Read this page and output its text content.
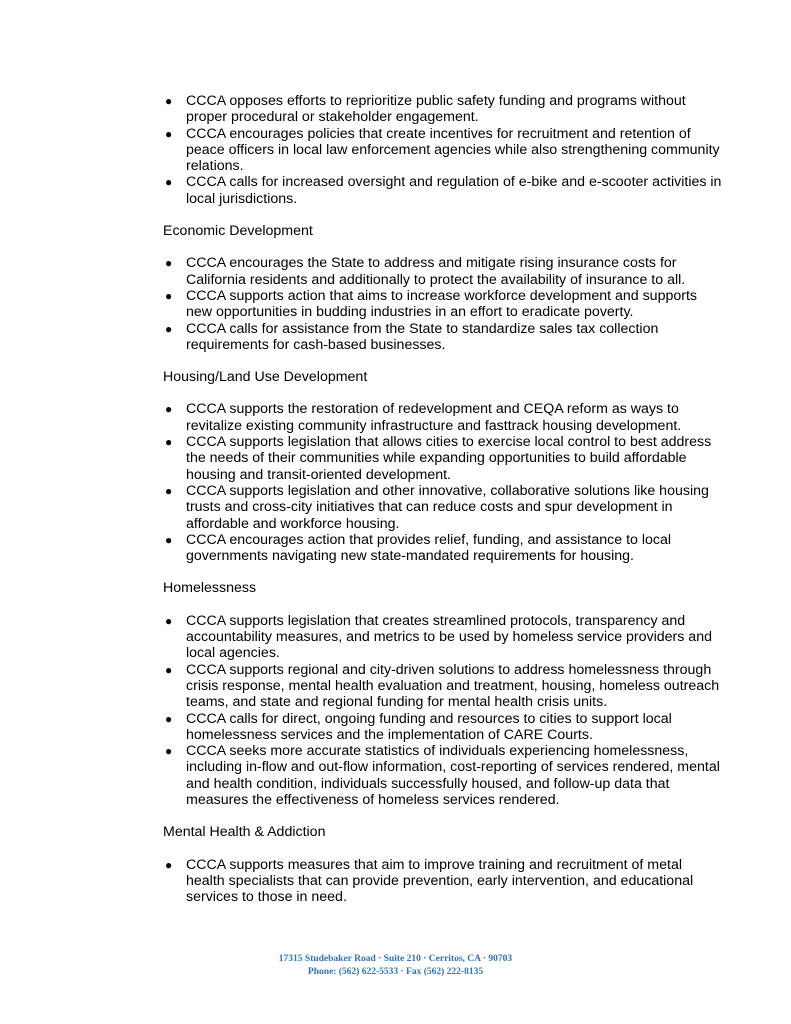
● CCCA opposes efforts to reprioritize public safety funding and programs without proper procedural or stakeholder engagement.
● CCCA encourages policies that create incentives for recruitment and retention of peace officers in local law enforcement agencies while also strengthening community relations.
● CCCA calls for increased oversight and regulation of e-bike and e-scooter activities in local jurisdictions.
Economic Development
● CCCA encourages the State to address and mitigate rising insurance costs for California residents and additionally to protect the availability of insurance to all.
● CCCA supports action that aims to increase workforce development and supports new opportunities in budding industries in an effort to eradicate poverty.
● CCCA calls for assistance from the State to standardize sales tax collection requirements for cash-based businesses.
Housing/Land Use Development
● CCCA supports the restoration of redevelopment and CEQA reform as ways to revitalize existing community infrastructure and fasttrack housing development.
● CCCA supports legislation that allows cities to exercise local control to best address the needs of their communities while expanding opportunities to build affordable housing and transit-oriented development.
● CCCA supports legislation and other innovative, collaborative solutions like housing trusts and cross-city initiatives that can reduce costs and spur development in affordable and workforce housing.
● CCCA encourages action that provides relief, funding, and assistance to local governments navigating new state-mandated requirements for housing.
Homelessness
● CCCA supports legislation that creates streamlined protocols, transparency and accountability measures, and metrics to be used by homeless service providers and local agencies.
● CCCA supports regional and city-driven solutions to address homelessness through crisis response, mental health evaluation and treatment, housing, homeless outreach teams, and state and regional funding for mental health crisis units.
● CCCA calls for direct, ongoing funding and resources to cities to support local homelessness services and the implementation of CARE Courts.
● CCCA seeks more accurate statistics of individuals experiencing homelessness, including in-flow and out-flow information, cost-reporting of services rendered, mental and health condition, individuals successfully housed, and follow-up data that measures the effectiveness of homeless services rendered.
Mental Health & Addiction
● CCCA supports measures that aim to improve training and recruitment of metal health specialists that can provide prevention, early intervention, and educational services to those in need.
17315 Studebaker Road · Suite 210 · Cerritos, CA · 90703
Phone: (562) 622-5533 · Fax (562) 222-8135
